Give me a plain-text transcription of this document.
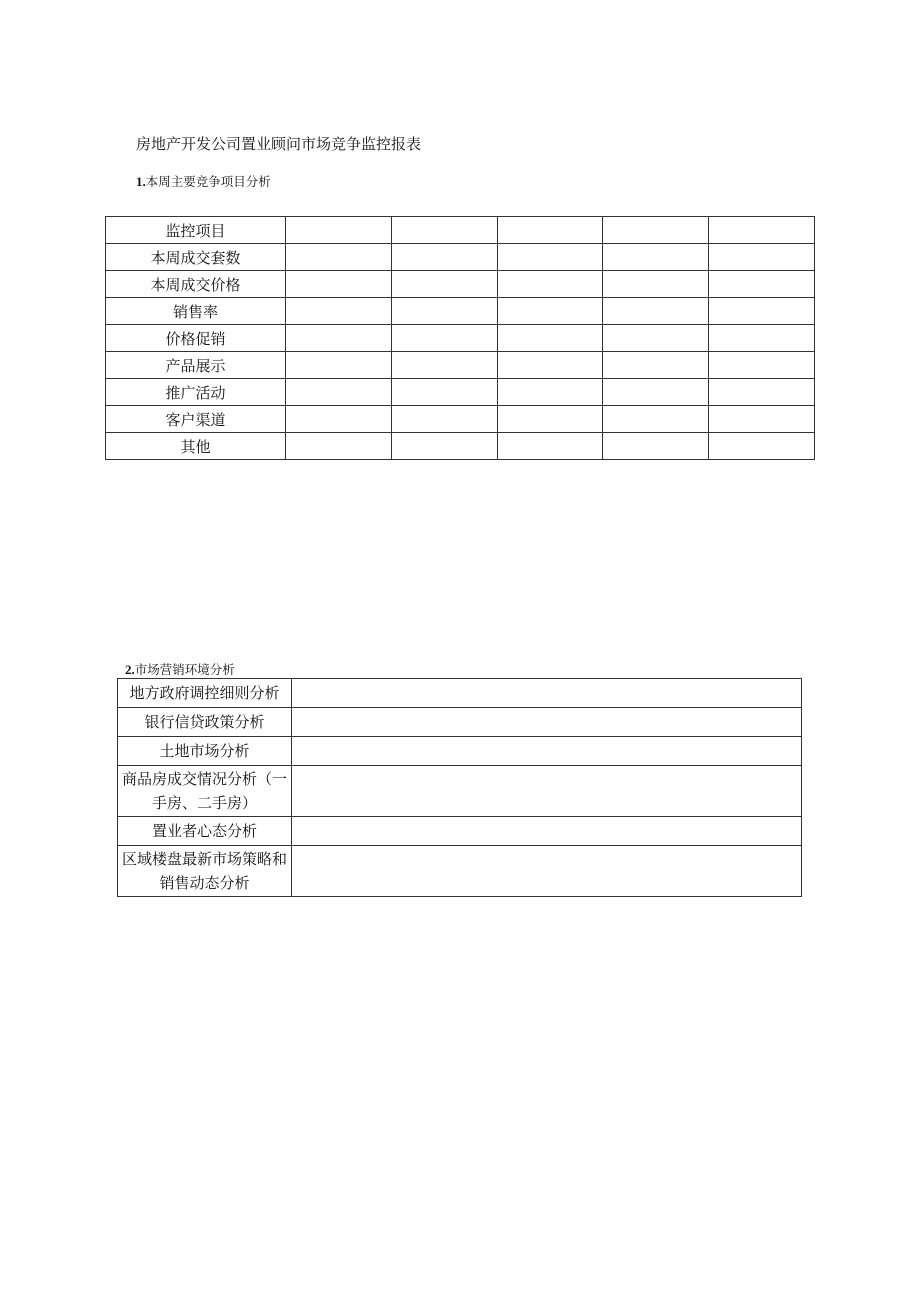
房地产开发公司置业顾问市场竞争监控报表
1.本周主要竞争项目分析
监控项目					
本周成交套数					
本周成交价格					
销售率					
价格促销					
产品展示					
推广活动					
客户渠道					
其他					
2.市场营销环境分析
地方政府调控细则分析	

银行信贷政策分析	

土地市场分析	

商品房成交情况分析（一
手房、二手房）	

置业者心态分析	

区域楼盘最新市场策略和
销售动态分析	
